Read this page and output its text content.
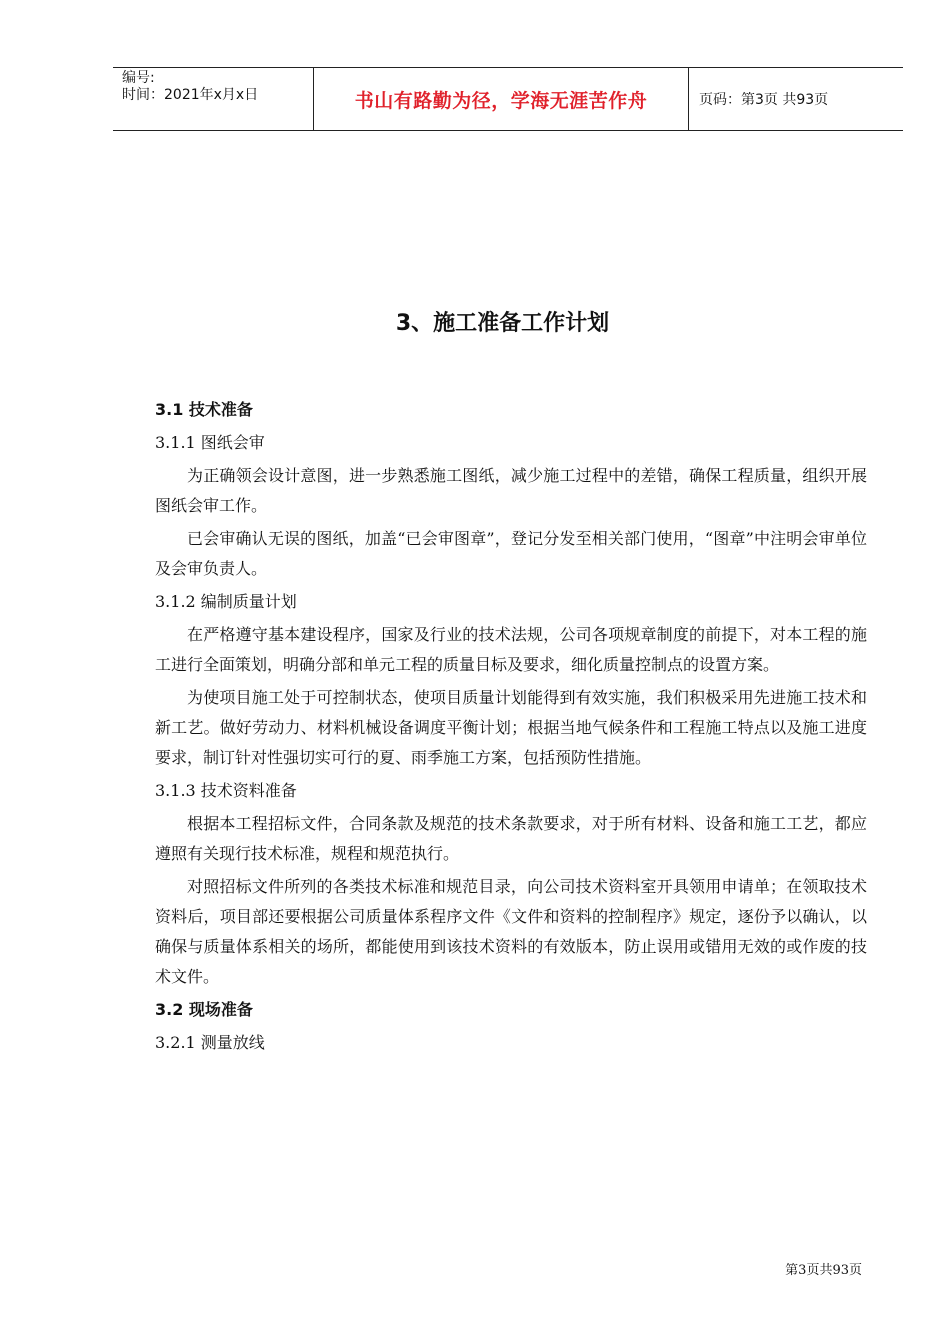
编号:
时间：2021年x月x日	书山有路勤为径，学海无涯苦作舟	页码：第3页 共93页
3、施工准备工作计划
3.1 技术准备
3.1.1 图纸会审
为正确领会设计意图，进一步熟悉施工图纸，减少施工过程中的差错，确保工程质量，组织开展图纸会审工作。
已会审确认无误的图纸，加盖“已会审图章”，登记分发至相关部门使用，“图章”中注明会审单位及会审负责人。
3.1.2 编制质量计划
在严格遵守基本建设程序，国家及行业的技术法规，公司各项规章制度的前提下，对本工程的施工进行全面策划，明确分部和单元工程的质量目标及要求，细化质量控制点的设置方案。
为使项目施工处于可控制状态，使项目质量计划能得到有效实施，我们积极采用先进施工技术和新工艺。做好劳动力、材料机械设备调度平衡计划；根据当地气候条件和工程施工特点以及施工进度要求，制订针对性强切实可行的夏、雨季施工方案，包括预防性措施。
3.1.3 技术资料准备
根据本工程招标文件，合同条款及规范的技术条款要求，对于所有材料、设备和施工工艺，都应遵照有关现行技术标准，规程和规范执行。
对照招标文件所列的各类技术标准和规范目录，向公司技术资料室开具领用申请单；在领取技术资料后，项目部还要根据公司质量体系程序文件《文件和资料的控制程序》规定，逐份予以确认，以确保与质量体系相关的场所，都能使用到该技术资料的有效版本，防止误用或错用无效的或作废的技术文件。
3.2 现场准备
3.2.1 测量放线
第3页共93页
